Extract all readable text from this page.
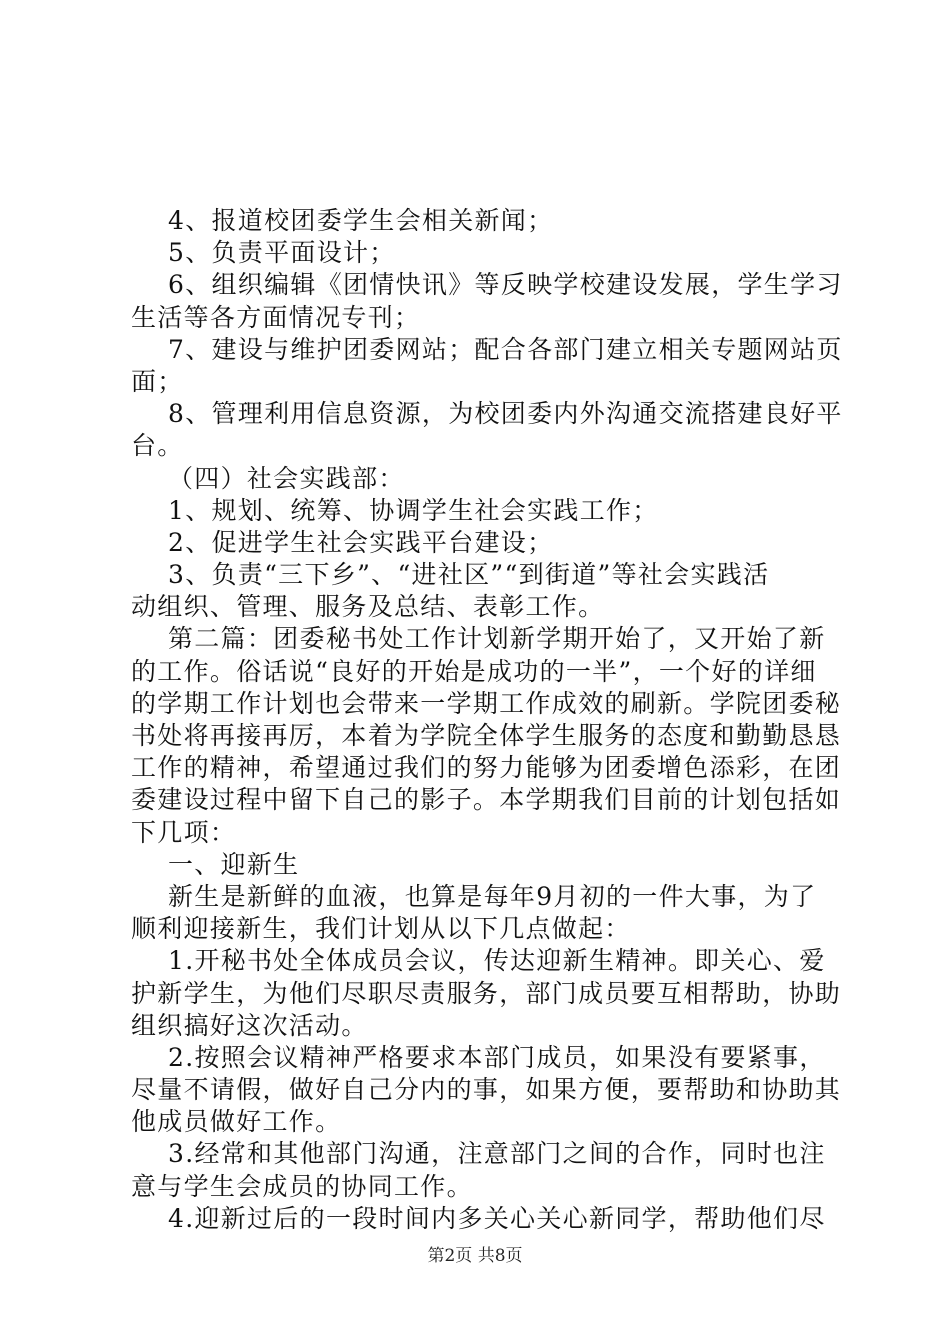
4、报道校团委学生会相关新闻；
5、负责平面设计；
6、组织编辑《团情快讯》等反映学校建设发展，学生学习
生活等各方面情况专刊；
7、建设与维护团委网站；配合各部门建立相关专题网站页
面；
8、管理利用信息资源，为校团委内外沟通交流搭建良好平
台。
（四）社会实践部：
1、规划、统筹、协调学生社会实践工作；
2、促进学生社会实践平台建设；
3、负责“三下乡”、“进社区”“到街道”等社会实践活
动组织、管理、服务及总结、表彰工作。
第二篇：团委秘书处工作计划新学期开始了，又开始了新
的工作。俗话说“良好的开始是成功的一半”，一个好的详细
的学期工作计划也会带来一学期工作成效的刷新。学院团委秘
书处将再接再厉，本着为学院全体学生服务的态度和勤勤恳恳
工作的精神，希望通过我们的努力能够为团委增色添彩，在团
委建设过程中留下自己的影子。本学期我们目前的计划包括如
下几项：
一、迎新生
新生是新鲜的血液，也算是每年9月初的一件大事，为了
顺利迎接新生，我们计划从以下几点做起：
1.开秘书处全体成员会议，传达迎新生精神。即关心、爱
护新学生，为他们尽职尽责服务，部门成员要互相帮助，协助
组织搞好这次活动。
2.按照会议精神严格要求本部门成员，如果没有要紧事，
尽量不请假，做好自己分内的事，如果方便，要帮助和协助其
他成员做好工作。
3.经常和其他部门沟通，注意部门之间的合作，同时也注
意与学生会成员的协同工作。
4.迎新过后的一段时间内多关心关心新同学，帮助他们尽
第2页 共8页
